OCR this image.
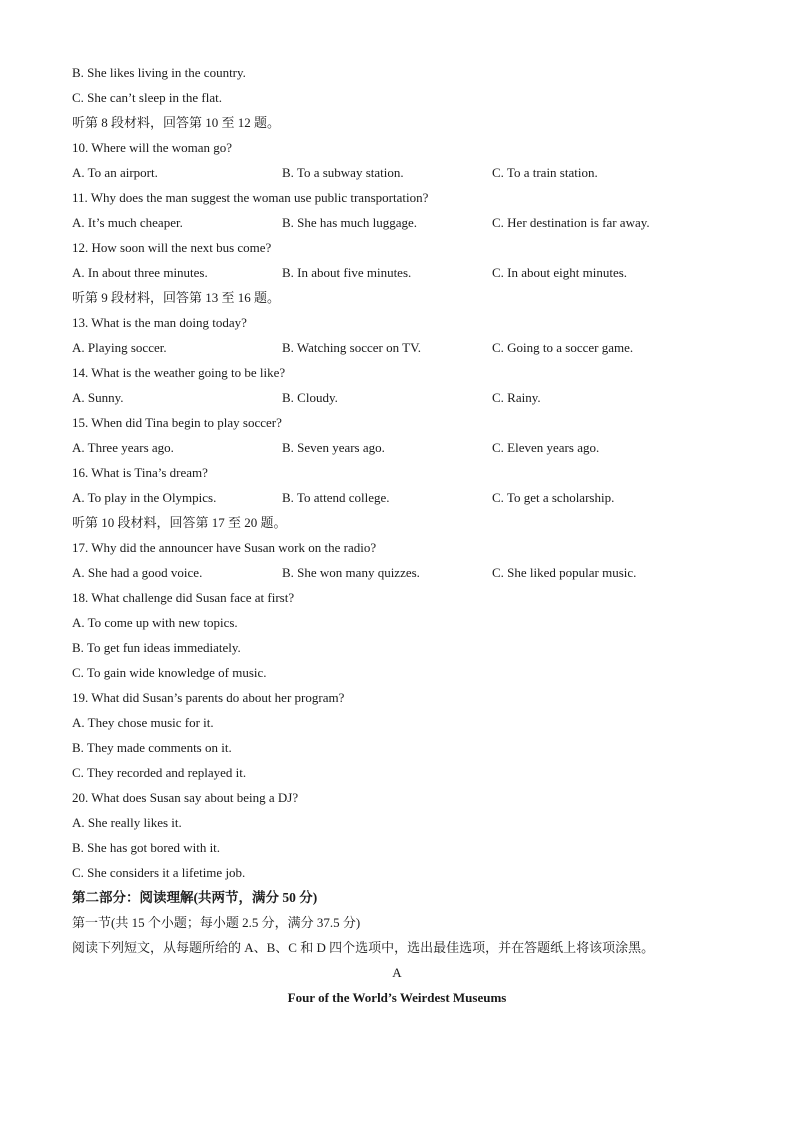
B. She likes living in the country.
C. She can’t sleep in the flat.
听第 8 段材料，回答第 10 至 12 题。
10. Where will the woman go?
A. To an airport.	B. To a subway station.	C. To a train station.
11. Why does the man suggest the woman use public transportation?
A. It’s much cheaper.	B. She has much luggage.	C. Her destination is far away.
12. How soon will the next bus come?
A. In about three minutes.	B. In about five minutes.	C. In about eight minutes.
听第 9 段材料，回答第 13 至 16 题。
13. What is the man doing today?
A. Playing soccer.	B. Watching soccer on TV.	C. Going to a soccer game.
14. What is the weather going to be like?
A. Sunny.	B. Cloudy.	C. Rainy.
15. When did Tina begin to play soccer?
A. Three years ago.	B. Seven years ago.	C. Eleven years ago.
16. What is Tina’s dream?
A. To play in the Olympics.	B. To attend college.	C. To get a scholarship.
听第 10 段材料，回答第 17 至 20 题。
17. Why did the announcer have Susan work on the radio?
A. She had a good voice.	B. She won many quizzes.	C. She liked popular music.
18. What challenge did Susan face at first?
A. To come up with new topics.
B. To get fun ideas immediately.
C. To gain wide knowledge of music.
19. What did Susan’s parents do about her program?
A. They chose music for it.
B. They made comments on it.
C. They recorded and replayed it.
20. What does Susan say about being a DJ?
A. She really likes it.
B. She has got bored with it.
C. She considers it a lifetime job.
第二部分：阅读理解(共两节，满分 50 分)
第一节(共 15 个小题；每小题 2.5 分，满分 37.5 分)
阅读下列短文，从每题所给的 A、B、C 和 D 四个选项中，选出最佳选项，并在答题纸上将该项涂黑。
A
Four of the World’s Weirdest Museums
